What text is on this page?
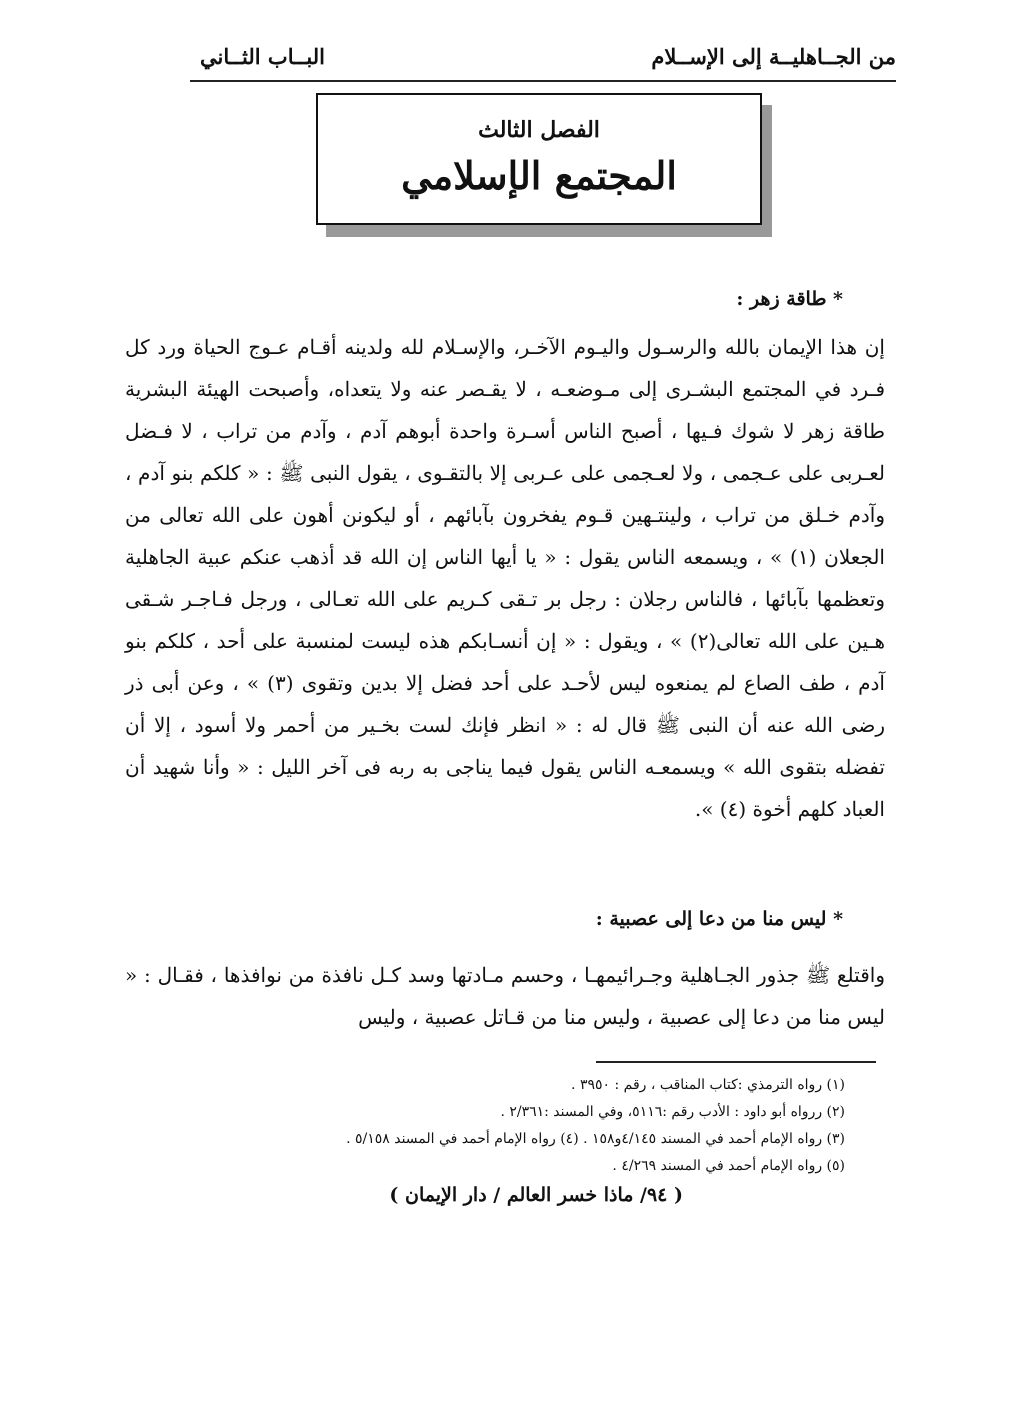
من الجــاهليــة إلى الإســلام
البــاب الثــاني
الفصل الثالث
المجتمع الإسلامي
* طاقة زهر :
إن هذا الإيمان بالله والرسـول واليـوم الآخـر، والإسـلام لله ولدينه أقـام عـوج الحياة ورد كل فـرد في المجتمع البشـرى إلى مـوضعـه ، لا يقـصر عنه ولا يتعداه، وأصبحت الهيئة البشرية طاقة زهر لا شوك فـيها ، أصبح الناس أسـرة واحدة أبوهم آدم ، وآدم من تراب ، لا فـضل لعـربى على عـجمى ، ولا لعـجمى على عـربى إلا بالتقـوى ، يقول النبى ﷺ : « كلكم بنو آدم ، وآدم خـلق من تراب ، ولينتـهين قـوم يفخرون بآبائهم ، أو ليكونن أهون على الله تعالى من الجعلان (١) » ، ويسمعه الناس يقول : « يا أيها الناس إن الله قد أذهب عنكم عبية الجاهلية وتعظمها بآبائها ، فالناس رجلان : رجل بر تـقى كـريم على الله تعـالى ، ورجل فـاجـر شـقى هـين على الله تعالى(٢) » ، ويقول : « إن أنسـابكم هذه ليست لمنسبة على أحد ، كلكم بنو آدم ، طف الصاع لم يمنعوه ليس لأحـد على أحد فضل إلا بدين وتقوى (٣) » ، وعن أبى ذر رضى الله عنه أن النبى ﷺ قال له : « انظر فإنك لست بخـير من أحمر ولا أسود ، إلا أن تفضله بتقوى الله » ويسمعـه الناس يقول فيما يناجى به ربه فى آخر الليل : « وأنا شهيد أن العباد كلهم أخوة (٤) ».
* ليس منا من دعا إلى عصبية :
واقتلع ﷺ جذور الجـاهلية وجـرائيمهـا ، وحسم مـادتها وسد كـل نافذة من نوافذها ، فقـال : « ليس منا من دعا إلى عصبية ، وليس منا من قـاتل عصبية ، وليس
(١) رواه الترمذي :كتاب المناقب ، رقم : ٣٩٥٠ .
(٢) ررواه أبو داود : الأدب رقم :٥١١٦، وفي المسند :٢/٣٦١ .
(٣) رواه الإمام أحمد في المسند ٤/١٤٥و١٥٨ . (٤) رواه الإمام أحمد في المسند ٥/١٥٨ .
(٥) رواه الإمام أحمد في المسند ٤/٢٦٩ .
( ٩٤/ ماذا خسر العالم / دار الإيمان )
